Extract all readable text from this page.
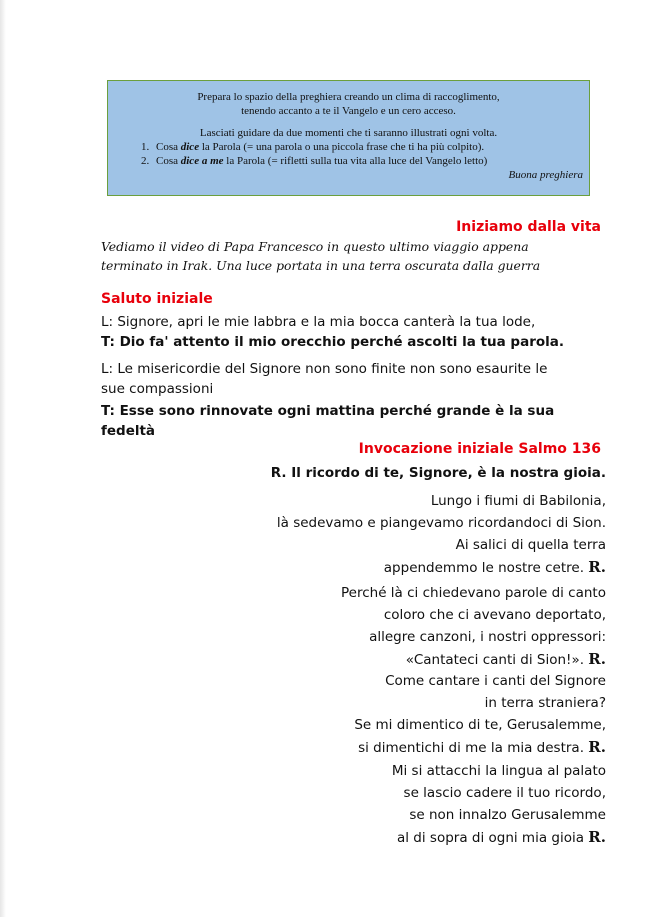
Prepara lo spazio della preghiera creando un clima di raccoglimento,
tenendo accanto a te il Vangelo e un cero acceso.
Lasciati guidare da due momenti che ti saranno illustrati ogni volta.
1. Cosa dice la Parola (= una parola o una piccola frase che ti ha più colpito).
2. Cosa dice a me la Parola (= rifletti sulla tua vita alla luce del Vangelo letto)
Buona preghiera
Iniziamo dalla vita
Vediamo il video di Papa Francesco in questo ultimo viaggio appena
terminato in Irak. Una luce portata in una terra oscurata dalla guerra
Saluto iniziale
L: Signore, apri le mie labbra e la mia bocca canterà la tua lode,
T: Dio fa' attento il mio orecchio perché ascolti la tua parola.
L: Le misericordie del Signore non sono finite non sono esaurite le
sue compassioni
T: Esse sono rinnovate ogni mattina perché grande è la sua fedeltà
Invocazione iniziale Salmo 136
R. Il ricordo di te, Signore, è la nostra gioia.
Lungo i fiumi di Babilonia,
là sedevamo e piangevamo ricordandoci di Sion.
Ai salici di quella terra
appendemmo le nostre cetre. R.
Perché là ci chiedevano parole di canto
coloro che ci avevano deportato,
allegre canzoni, i nostri oppressori:
«Cantateci canti di Sion!». R.
Come cantare i canti del Signore
in terra straniera?
Se mi dimentico di te, Gerusalemme,
si dimentichi di me la mia destra. R.
Mi si attacchi la lingua al palato
se lascio cadere il tuo ricordo,
se non innalzo Gerusalemme
al di sopra di ogni mia gioia R.
